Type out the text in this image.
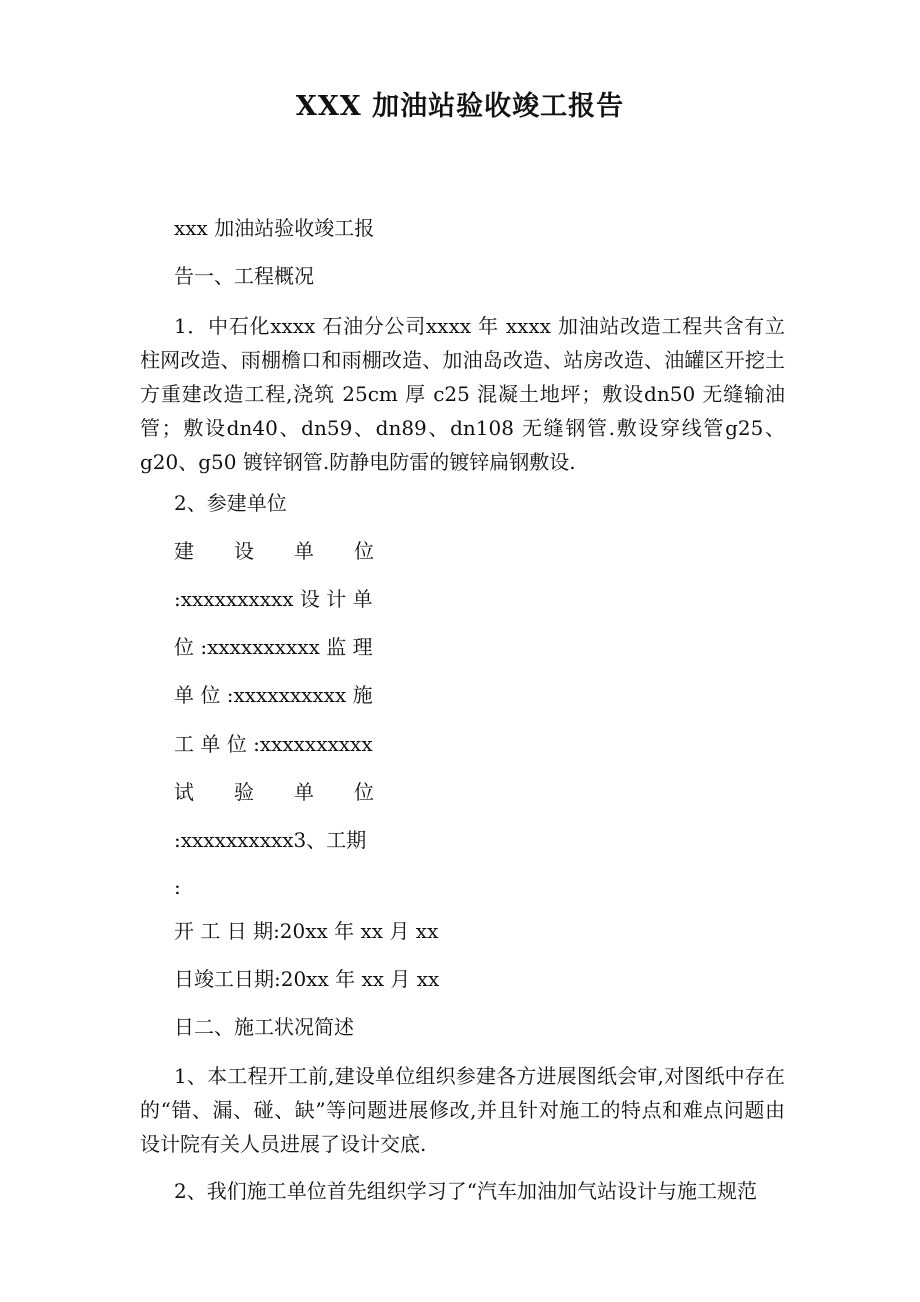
XXX 加油站验收竣工报告
xxx 加油站验收竣工报
告一、工程概况
1．中石化xxxx 石油分公司xxxx 年 xxxx 加油站改造工程共含有立柱网改造、雨棚檐口和雨棚改造、加油岛改造、站房改造、油罐区开挖土方重建改造工程,浇筑 25cm 厚 c25 混凝土地坪；敷设dn50 无缝输油管；敷设dn40、dn59、dn89、dn108 无缝钢管.敷设穿线管g25、g20、g50 镀锌钢管.防静电防雷的镀锌扁钢敷设.
2、参建单位
建 设 单 位
:xxxxxxxxxx 设 计 单
位 :xxxxxxxxxx 监 理
单 位 :xxxxxxxxxx 施
工 单 位 :xxxxxxxxxx
试 验 单 位
:xxxxxxxxxx3、工期
:
开 工 日 期:20xx 年 xx 月 xx
日竣工日期:20xx 年 xx 月 xx
日二、施工状况简述
1、本工程开工前,建设单位组织参建各方进展图纸会审,对图纸中存在的“错、漏、碰、缺”等问题进展修改,并且针对施工的特点和难点问题由设计院有关人员进展了设计交底.
2、我们施工单位首先组织学习了“汽车加油加气站设计与施工规范
